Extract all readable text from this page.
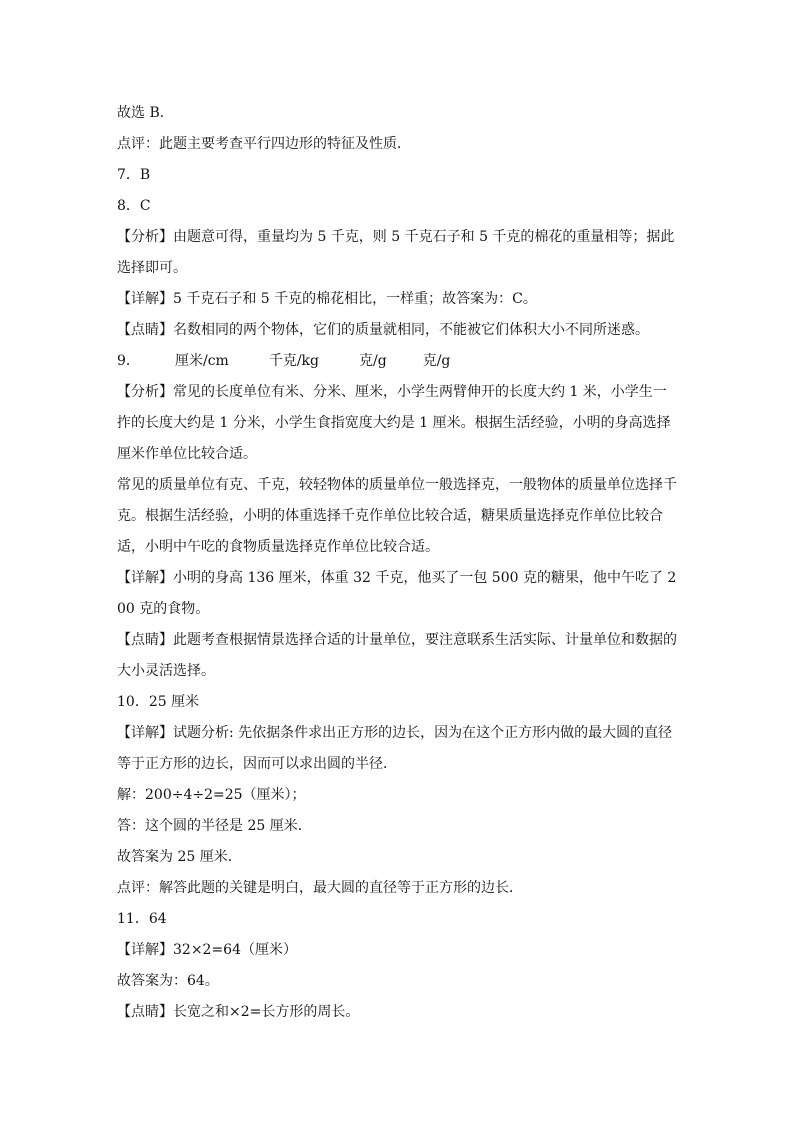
故选 B．
点评：此题主要考查平行四边形的特征及性质．
7．B
8．C
【分析】由题意可得，重量均为 5 千克，则 5 千克石子和 5 千克的棉花的重量相等；据此选择即可。
【详解】5 千克石子和 5 千克的棉花相比，一样重；故答案为：C。
【点睛】名数相同的两个物体，它们的质量就相同，不能被它们体积大小不同所迷惑。
9．	厘米/cm	千克/kg	克/g	克/g
【分析】常见的长度单位有米、分米、厘米，小学生两臂伸开的长度大约 1 米，小学生一拃的长度大约是 1 分米，小学生食指宽度大约是 1 厘米。根据生活经验，小明的身高选择厘米作单位比较合适。
常见的质量单位有克、千克，较轻物体的质量单位一般选择克，一般物体的质量单位选择千克。根据生活经验，小明的体重选择千克作单位比较合适，糖果质量选择克作单位比较合适，小明中午吃的食物质量选择克作单位比较合适。
【详解】小明的身高 136 厘米，体重 32 千克，他买了一包 500 克的糖果，他中午吃了 200 克的食物。
【点睛】此题考查根据情景选择合适的计量单位，要注意联系生活实际、计量单位和数据的大小灵活选择。
10．25 厘米
【详解】试题分析: 先依据条件求出正方形的边长，因为在这个正方形内做的最大圆的直径等于正方形的边长，因而可以求出圆的半径．
解：200÷4÷2=25（厘米）；
答：这个圆的半径是 25 厘米．
故答案为 25 厘米．
点评：解答此题的关键是明白，最大圆的直径等于正方形的边长．
11．64
【详解】32×2=64（厘米）
故答案为：64。
【点睛】长宽之和×2=长方形的周长。
